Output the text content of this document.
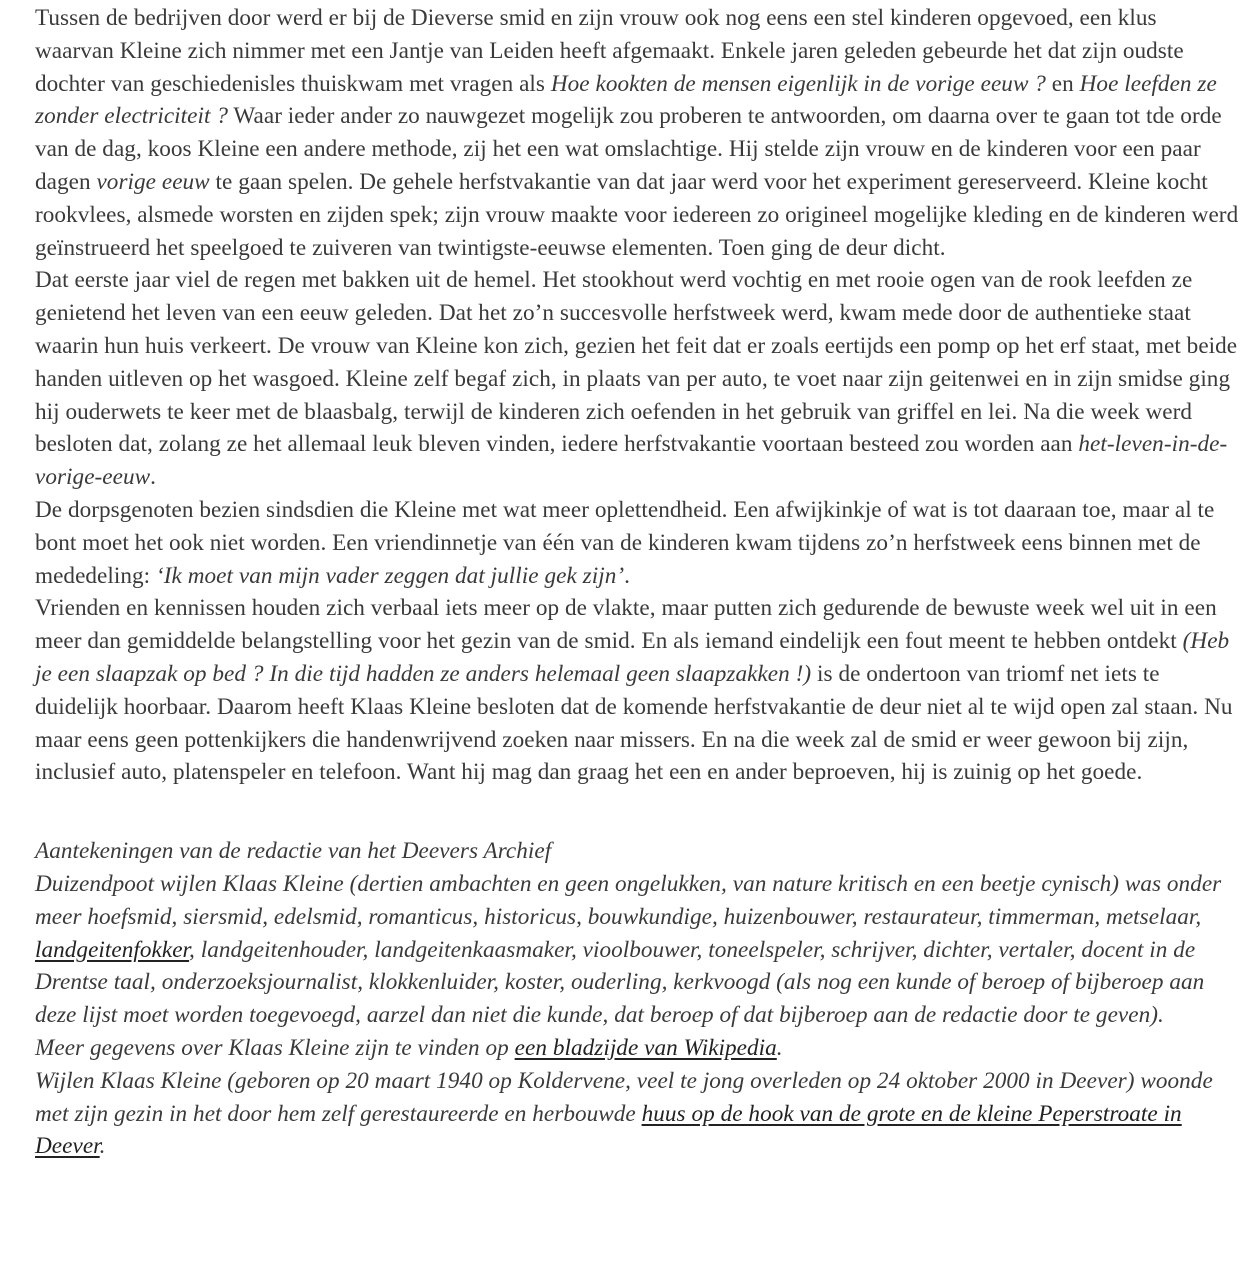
Tussen de bedrijven door werd er bij de Dieverse smid en zijn vrouw ook nog eens een stel kinderen opgevoed, een klus waarvan Kleine zich nimmer met een Jantje van Leiden heeft afgemaakt. Enkele jaren geleden gebeurde het dat zijn oudste dochter van geschiedenisles thuiskwam met vragen als Hoe kookten de mensen eigenlijk in de vorige eeuw ? en Hoe leefden ze zonder electriciteit ? Waar ieder ander zo nauwgezet mogelijk zou proberen te antwoorden, om daarna over te gaan tot tde orde van de dag, koos Kleine een andere methode, zij het een wat omslachtige. Hij stelde zijn vrouw en de kinderen voor een paar dagen vorige eeuw te gaan spelen. De gehele herfstvakantie van dat jaar werd voor het experiment gereserveerd. Kleine kocht rookvlees, alsmede worsten en zijden spek; zijn vrouw maakte voor iedereen zo origineel mogelijke kleding en de kinderen werd geïnstrueerd het speelgoed te zuiveren van twintigste-eeuwse elementen. Toen ging de deur dicht.

Dat eerste jaar viel de regen met bakken uit de hemel. Het stookhout werd vochtig en met rooie ogen van de rook leefden ze genietend het leven van een eeuw geleden. Dat het zo’n succesvolle herfstweek werd, kwam mede door de authentieke staat waarin hun huis verkeert. De vrouw van Kleine kon zich, gezien het feit dat er zoals eertijds een pomp op het erf staat, met beide handen uitleven op het wasgoed. Kleine zelf begaf zich, in plaats van per auto, te voet naar zijn geitenwei en in zijn smidse ging hij ouderwets te keer met de blaasbalg, terwijl de kinderen zich oefenden in het gebruik van griffel en lei. Na die week werd besloten dat, zolang ze het allemaal leuk bleven vinden, iedere herfstvakantie voortaan besteed zou worden aan het-leven-in-de-vorige-eeuw.

De dorpsgenoten bezien sindsdien die Kleine met wat meer oplettendheid. Een afwijkinkje of wat is tot daaraan toe, maar al te bont moet het ook niet worden. Een vriendinnetje van één van de kinderen kwam tijdens zo’n herfstweek eens binnen met de mededeling: ‘Ik moet van mijn vader zeggen dat jullie gek zijn’.

Vrienden en kennissen houden zich verbaal iets meer op de vlakte, maar putten zich gedurende de bewuste week wel uit in een meer dan gemiddelde belangstelling voor het gezin van de smid. En als iemand eindelijk een fout meent te hebben ontdekt (Heb je een slaapzak op bed ? In die tijd hadden ze anders helemaal geen slaapzakken !) is de ondertoon van triomf net iets te duidelijk hoorbaar. Daarom heeft Klaas Kleine besloten dat de komende herfstvakantie de deur niet al te wijd open zal staan. Nu maar eens geen pottenkijkers die handenwrijvend zoeken naar missers. En na die week zal de smid er weer gewoon bij zijn, inclusief auto, platenspeler en telefoon. Want hij mag dan graag het een en ander beproeven, hij is zuinig op het goede.

Aantekeningen van de redactie van het Deevers Archief

Duizendpoot wijlen Klaas Kleine (dertien ambachten en geen ongelukken, van nature kritisch en een beetje cynisch) was onder meer hoefsmid, siersmid, edelsmid, romanticus, historicus, bouwkundige, huizenbouwer, restaurateur, timmerman, metselaar, landgeitenfokker, landgeitenhouder, landgeitenkaasmaker, vioolbouwer, toneelspeler, schrijver, dichter, vertaler, docent in de Drentse taal, onderzoeksjournalist, klokkenluider, koster, ouderling, kerkvoogd (als nog een kunde of beroep of bijberoep aan deze lijst moet worden toegevoegd, aarzel dan niet die kunde, dat beroep of dat bijberoep aan de redactie door te geven).

Meer gegevens over Klaas Kleine zijn te vinden op een bladzijde van Wikipedia.

Wijlen Klaas Kleine (geboren op 20 maart 1940 op Koldervene, veel te jong overleden op 24 oktober 2000 in Deever) woonde met zijn gezin in het door hem zelf gerestaureerde en herbouwde huus op de hook van de grote en de kleine Peperstroate in Deever.
